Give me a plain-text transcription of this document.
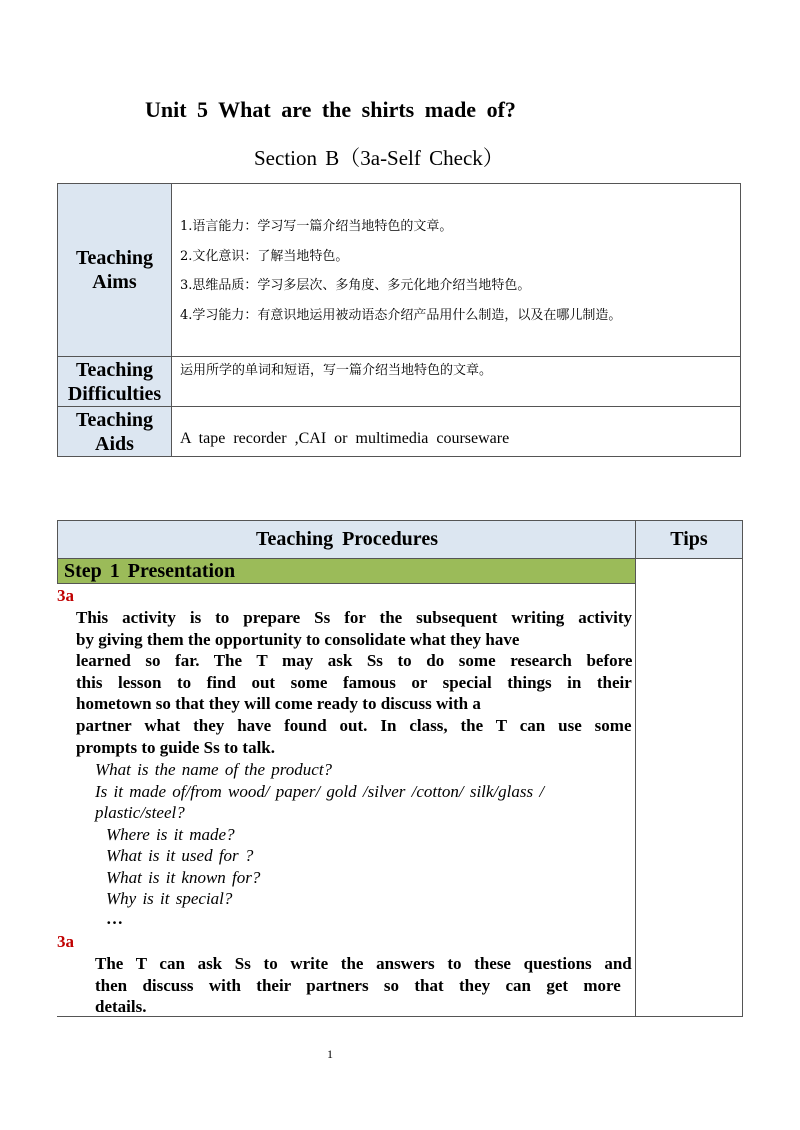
Unit 5 What are the shirts made of?
Section B（3a-Self Check）
Teaching
Aims
1.语言能力：学习写一篇介绍当地特色的文章。
2.文化意识：了解当地特色。
3.思维品质：学习多层次、多角度、多元化地介绍当地特色。
4.学习能力：有意识地运用被动语态介绍产品用什么制造，以及在哪儿制造。
Teaching
Difficulties
运用所学的单词和短语，写一篇介绍当地特色的文章。
Teaching
Aids	A tape recorder ,CAI or multimedia courseware
Teaching Procedures	Tips
Step 1 Presentation
3a
This activity is to prepare Ss for the subsequent writing activity
by giving them the opportunity to consolidate what they have
learned so far. The T may ask Ss to do some research before
this lesson to find out some famous or special things in their
hometown so that they will come ready to discuss with a
partner what they have found out. In class, the T can use some
prompts to guide Ss to talk.
What is the name of the product?
Is it made of/from wood/ paper/ gold /silver /cotton/ silk/glass /
plastic/steel?
Where is it made?
What is it used for ?
What is it known for?
Why is it special?
…
3a
The T can ask Ss to write the answers to these questions and
then discuss with their partners so that they can get more
details.
1
